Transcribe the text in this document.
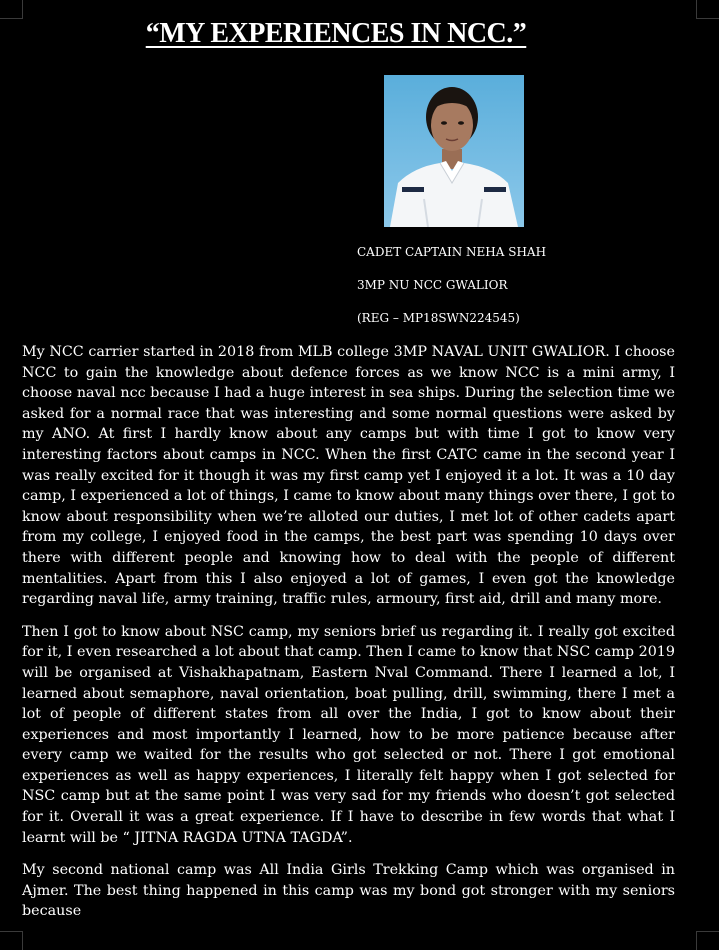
“MY EXPERIENCES IN NCC.”
CADET CAPTAIN NEHA SHAH
3MP NU NCC GWALIOR
(REG – MP18SWN224545)

My NCC carrier started in 2018 from MLB college 3MP NAVAL UNIT GWALIOR. I choose NCC to gain the knowledge about defence forces as we know NCC is a mini army, I choose naval ncc because I had a huge interest in sea ships. During the selection time we asked for a normal race that was interesting and some normal questions were asked by my ANO. At first I hardly know about any camps but with time I got to know very interesting factors about camps in NCC. When the first CATC came in the second year I was really excited for it though it was my first camp yet I enjoyed it a lot. It was a 10 day camp, I experienced a lot of things, I came to know about many things over there, I got to know about responsibility when we’re alloted our duties, I met lot of other cadets apart from my college, I enjoyed food in the camps, the best part was spending 10 days over there with different people and knowing how to deal with the people of different mentalities. Apart from this I also enjoyed a lot of games, I even got the knowledge regarding naval life, army training, traffic rules, armoury, first aid, drill and many more.

Then I got to know about NSC camp, my seniors brief us regarding it. I really got excited for it, I even researched a lot about that camp. Then I came to know that NSC camp 2019 will be organised at Vishakhapatnam, Eastern Nval Command. There I learned a lot, I learned about semaphore, naval orientation, boat pulling, drill, swimming, there I met a lot of people of different states from all over the India, I got to know about their experiences and most importantly I learned, how to be more patience because after every camp we waited for the results who got selected or not. There I got emotional experiences as well as happy experiences, I literally felt happy when I got selected for NSC camp but at the same point I was very sad for my friends who doesn’t got selected for it. Overall it was a great experience. If I have to describe in few words that what I learnt will be “ JITNA RAGDA UTNA TAGDA”.

My second national camp was All India Girls Trekking Camp which was organised in Ajmer. The best thing happened in this camp was my bond got stronger with my seniors because
